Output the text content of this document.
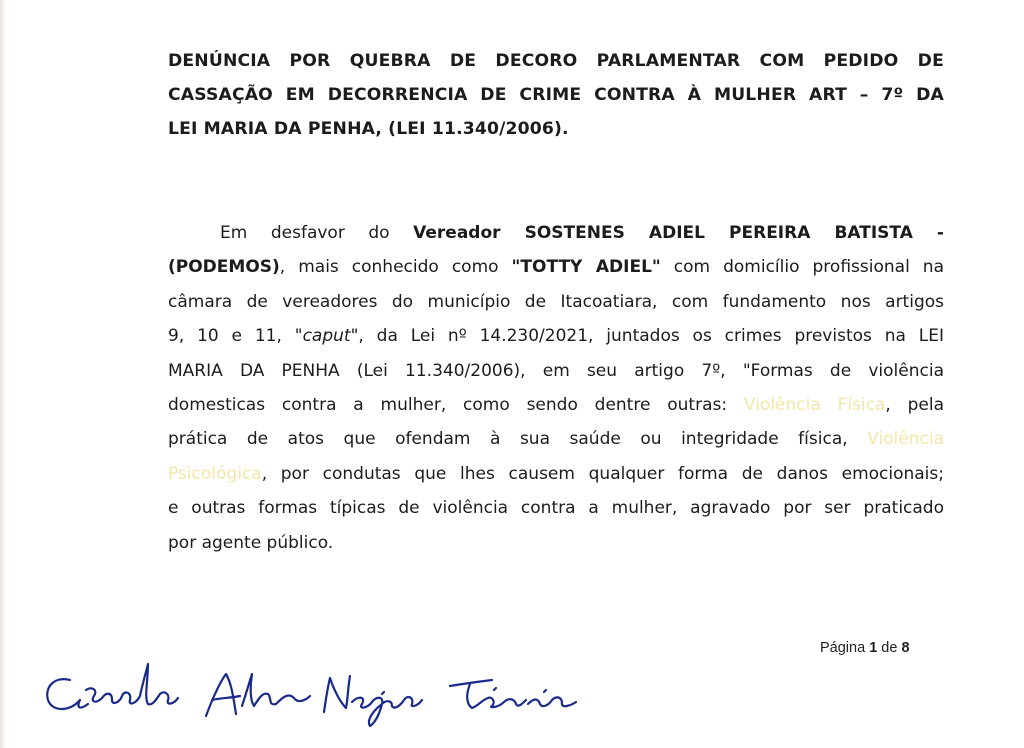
DENÚNCIA POR QUEBRA DE DECORO PARLAMENTAR COM PEDIDO DE
CASSAÇÃO EM DECORRENCIA DE CRIME CONTRA À MULHER ART – 7º DA
LEI MARIA DA PENHA, (LEI 11.340/2006).
Em desfavor do Vereador SOSTENES ADIEL PEREIRA BATISTA -
(PODEMOS), mais conhecido como "TOTTY ADIEL" com domicílio profissional na
câmara de vereadores do município de Itacoatiara, com fundamento nos artigos
9, 10 e 11, "caput", da Lei nº 14.230/2021, juntados os crimes previstos na LEI
MARIA DA PENHA (Lei 11.340/2006), em seu artigo 7º, "Formas de violência
domesticas contra a mulher, como sendo dentre outras: Violência Física, pela
prática de atos que ofendam à sua saúde ou integridade física, Violência
Psicológica, por condutas que lhes causem qualquer forma de danos emocionais;
e outras formas típicas de violência contra a mulher, agravado por ser praticado
por agente público.
Página 1 de 8
